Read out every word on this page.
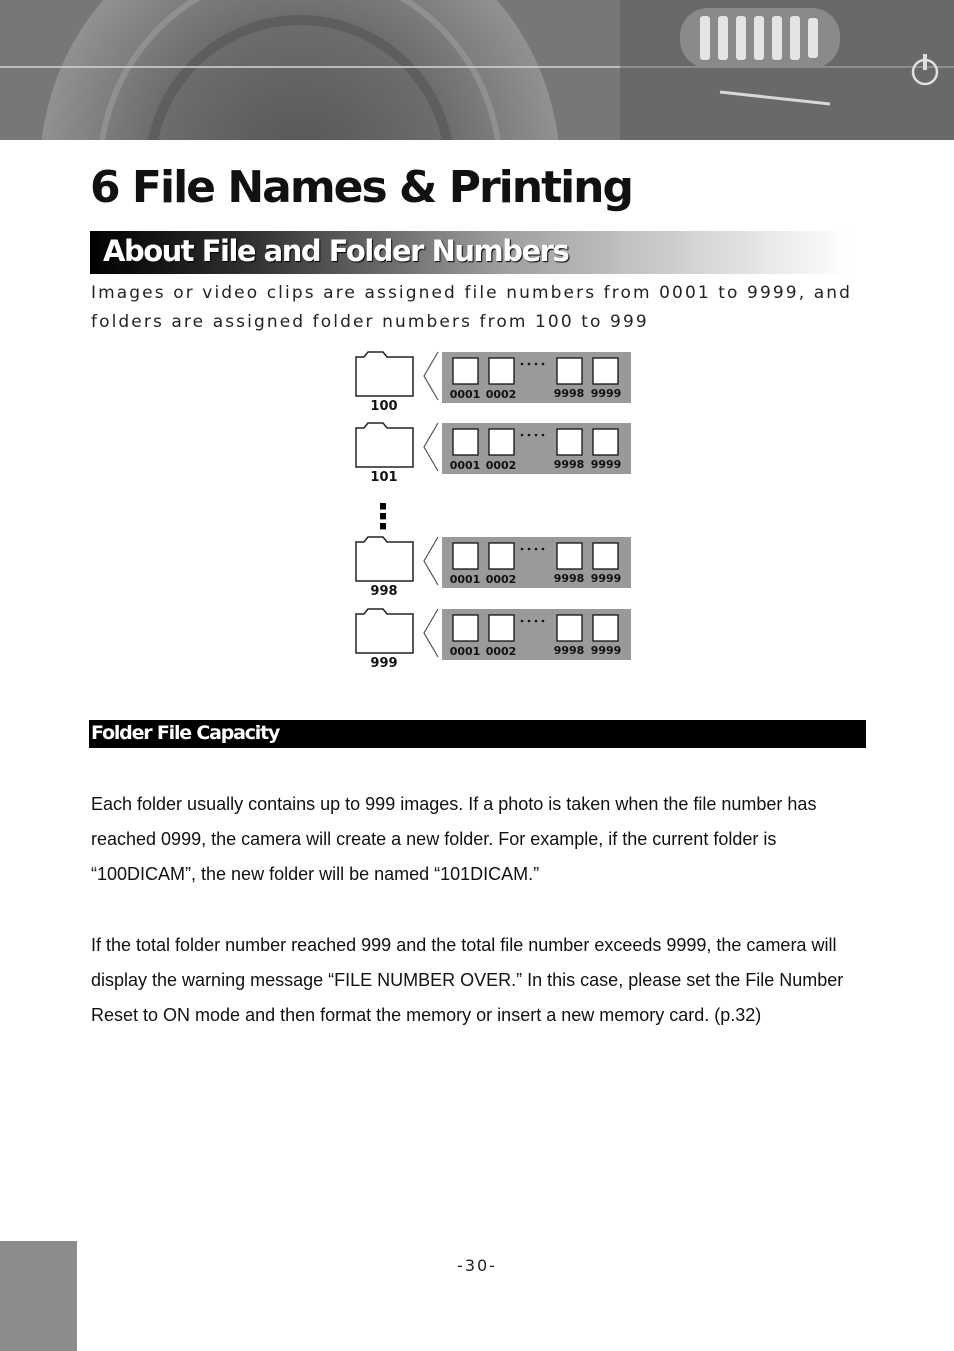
6 File Names & Printing
About File and Folder Numbers

Images or video clips are assigned file numbers from 0001 to 9999, and folders are assigned folder numbers from 100 to 999

100
0001 0002	9998 9999
101
0001 0002	9998 9999
998
0001 0002	9998 9999
999
0001 0002	9998 9999
⋮
Folder File Capacity

Each folder usually contains up to 999 images. If a photo is taken when the file number has reached 0999, the camera will create a new folder. For example, if the current folder is “100DICAM”, the new folder will be named “101DICAM.”

If the total folder number reached 999 and the total file number exceeds 9999, the camera will display the warning message “FILE NUMBER OVER.” In this case, please set the File Number Reset to ON mode and then format the memory or insert a new memory card. (p.32)

-30-
